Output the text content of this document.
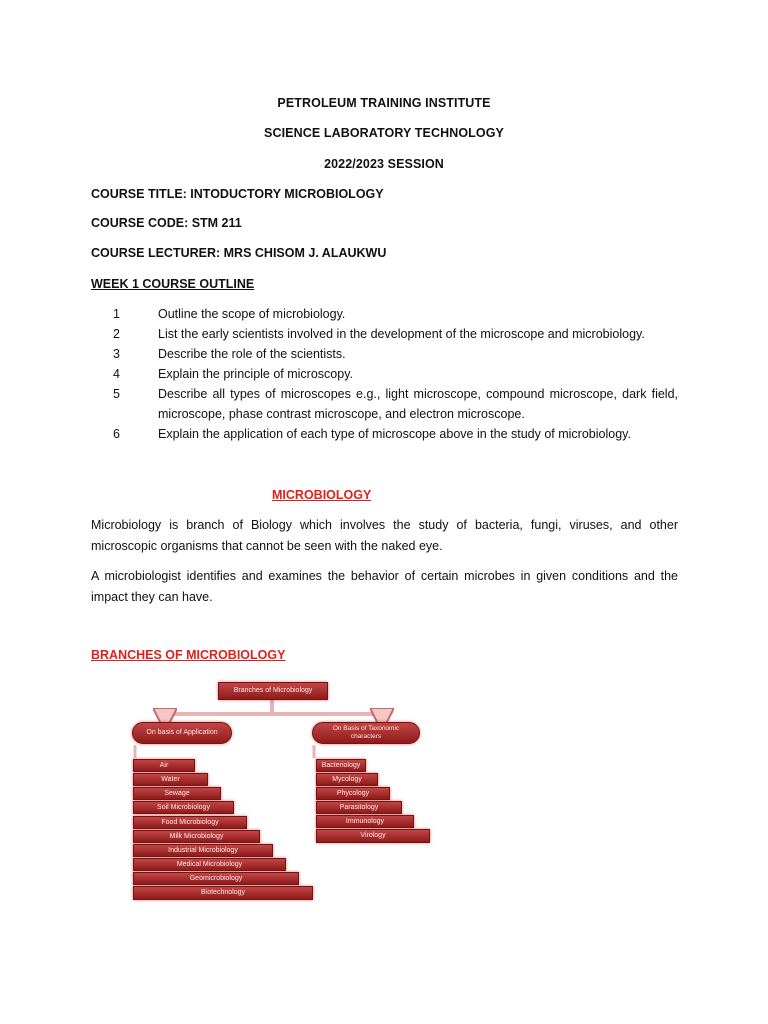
PETROLEUM TRAINING INSTITUTE
SCIENCE LABORATORY TECHNOLOGY
2022/2023 SESSION
COURSE TITLE: INTODUCTORY MICROBIOLOGY
COURSE CODE: STM 211
COURSE LECTURER: MRS CHISOM J. ALAUKWU
WEEK 1 COURSE OUTLINE
1	Outline the scope of microbiology.
2	List the early scientists involved in the development of the microscope and microbiology.
3	Describe the role of the scientists.
4	Explain the principle of microscopy.
5	Describe all types of microscopes e.g., light microscope, compound microscope, dark field, microscope, phase contrast microscope, and electron microscope.
6	Explain the application of each type of microscope above in the study of microbiology.
MICROBIOLOGY
Microbiology is branch of Biology which involves the study of bacteria, fungi, viruses, and other microscopic organisms that cannot be seen with the naked eye.
A microbiologist identifies and examines the behavior of certain microbes in given conditions and the impact they can have.
BRANCHES OF MICROBIOLOGY
Branches of Microbiology
On basis of Application
On Basis of Taxonomic characters
Air
Water
Sewage
Soil Microbiology
Food Microbiology
Milk Microbiology
Industrial Microbiology
Medical Microbiology
Geomicrobiology
Biotechnology
Bacteriology
Mycology
Phycology
Parasitology
Immunology
Virology
